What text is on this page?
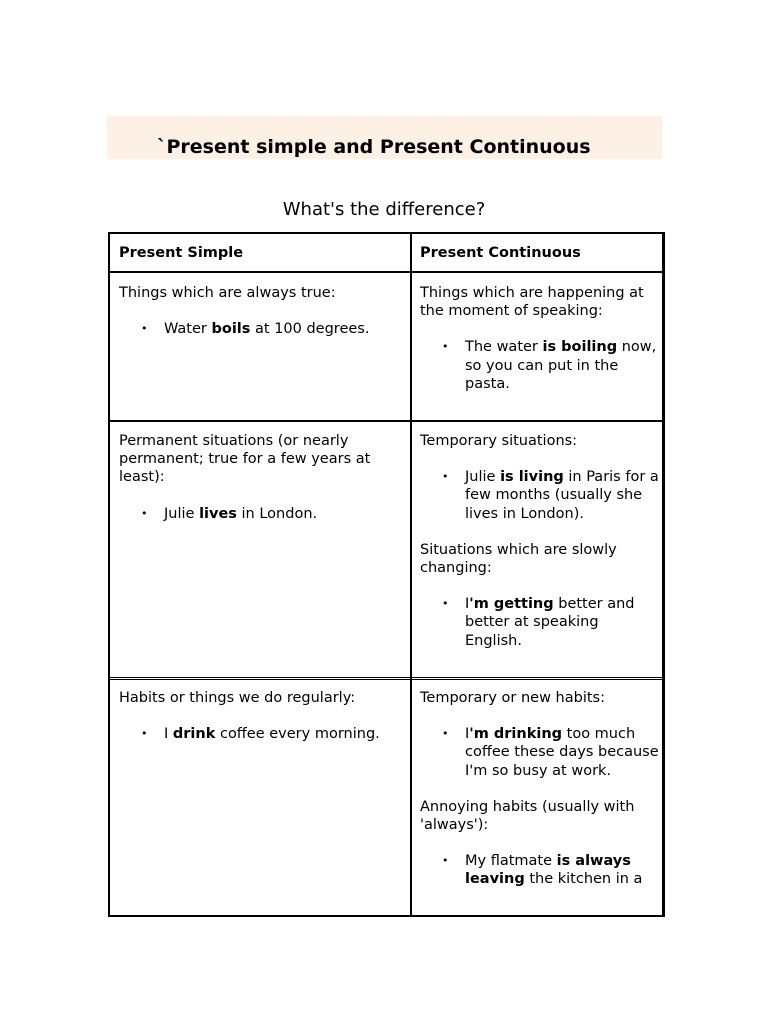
`Present simple and Present Continuous
What's the difference?
Present Simple	Present Continuous

Things which are always true:

• Water boils at 100 degrees.

Things which are happening at the moment of speaking:

• The water is boiling now, so you can put in the pasta.

Permanent situations (or nearly permanent; true for a few years at least):

• Julie lives in London.

Temporary situations:

• Julie is living in Paris for a few months (usually she lives in London).

Situations which are slowly changing:

• I'm getting better and better at speaking English.

Habits or things we do regularly:

• I drink coffee every morning.

Temporary or new habits:

• I'm drinking too much coffee these days because I'm so busy at work.

Annoying habits (usually with 'always'):

• My flatmate is always leaving the kitchen in a
